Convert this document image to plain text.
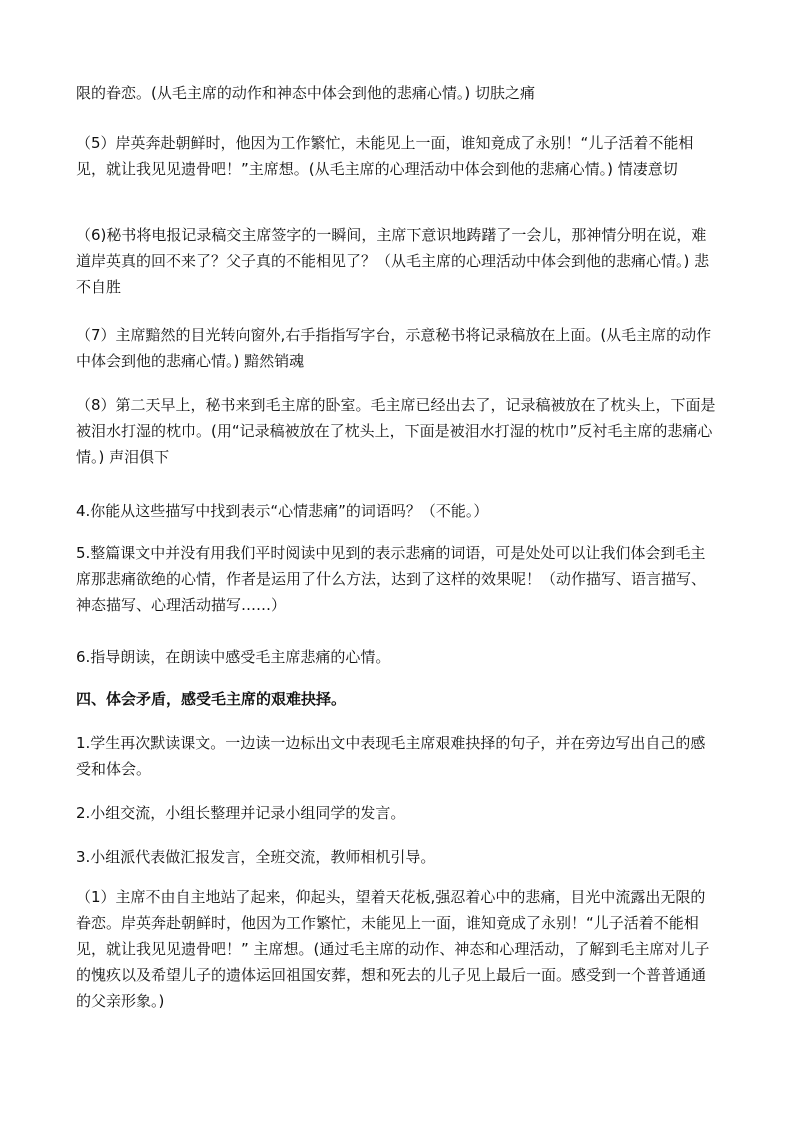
限的眷恋。(从毛主席的动作和神态中体会到他的悲痛心情。) 切肤之痛

（5）岸英奔赴朝鲜时，他因为工作繁忙，未能见上一面，谁知竟成了永别！“儿子活着不能相见，就让我见见遗骨吧！”主席想。(从毛主席的心理活动中体会到他的悲痛心情。) 情凄意切

（6)秘书将电报记录稿交主席签字的一瞬间，主席下意识地踌躇了一会儿，那神情分明在说，难道岸英真的回不来了？父子真的不能相见了？（从毛主席的心理活动中体会到他的悲痛心情。) 悲不自胜

（7）主席黯然的目光转向窗外,右手指指写字台，示意秘书将记录稿放在上面。(从毛主席的动作中体会到他的悲痛心情。) 黯然销魂

（8）第二天早上，秘书来到毛主席的卧室。毛主席已经出去了，记录稿被放在了枕头上，下面是被泪水打湿的枕巾。(用“记录稿被放在了枕头上，下面是被泪水打湿的枕巾”反衬毛主席的悲痛心情。) 声泪俱下

4.你能从这些描写中找到表示“心情悲痛”的词语吗？（不能。）

5.整篇课文中并没有用我们平时阅读中见到的表示悲痛的词语，可是处处可以让我们体会到毛主席那悲痛欲绝的心情，作者是运用了什么方法，达到了这样的效果呢！（动作描写、语言描写、神态描写、心理活动描写……）

6.指导朗读，在朗读中感受毛主席悲痛的心情。

四、体会矛盾，感受毛主席的艰难抉择。

1.学生再次默读课文。一边读一边标出文中表现毛主席艰难抉择的句子，并在旁边写出自己的感受和体会。

2.小组交流，小组长整理并记录小组同学的发言。

3.小组派代表做汇报发言，全班交流，教师相机引导。

（1）主席不由自主地站了起来，仰起头，望着天花板,强忍着心中的悲痛，目光中流露出无限的眷恋。岸英奔赴朝鲜时，他因为工作繁忙，未能见上一面，谁知竟成了永别！“儿子活着不能相见，就让我见见遗骨吧！” 主席想。(通过毛主席的动作、神态和心理活动，了解到毛主席对儿子的愧疚以及希望儿子的遗体运回祖国安葬，想和死去的儿子见上最后一面。感受到一个普普通通的父亲形象。)
